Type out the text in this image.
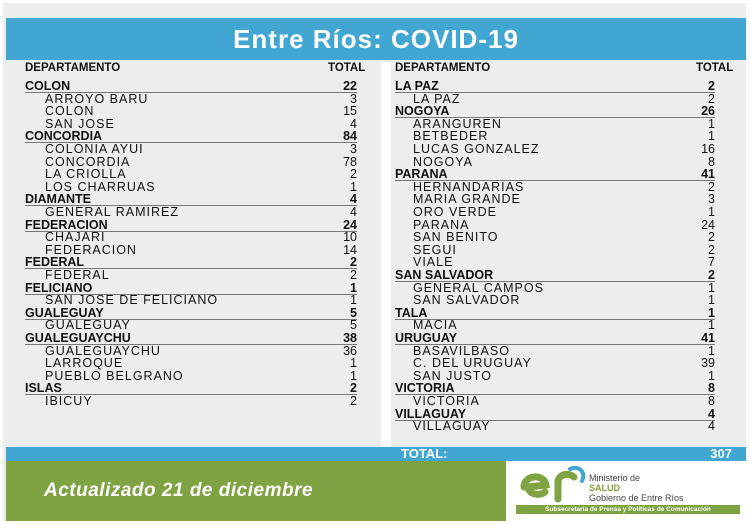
Entre Ríos: COVID-19
DEPARTAMENTO	TOTAL	DEPARTAMENTO	TOTAL
COLON	22
ARROYO BARU	3
COLON	15
SAN JOSE	4
CONCORDIA	84
COLONIA AYUI	3
CONCORDIA	78
LA CRIOLLA	2
LOS CHARRUAS	1
DIAMANTE	4
GENERAL RAMIREZ	4
FEDERACION	24
CHAJARI	10
FEDERACION	14
FEDERAL	2
FEDERAL	2
FELICIANO	1
SAN JOSE DE FELICIANO	1
GUALEGUAY	5
GUALEGUAY	5
GUALEGUAYCHU	38
GUALEGUAYCHU	36
LARROQUE	1
PUEBLO BELGRANO	1
ISLAS	2
IBICUY	2
LA PAZ	2
LA PAZ	2
NOGOYA	26
ARANGUREN	1
BETBEDER	1
LUCAS GONZALEZ	16
NOGOYA	8
PARANA	41
HERNANDARIAS	2
MARIA GRANDE	3
ORO VERDE	1
PARANA	24
SAN BENITO	2
SEGUI	2
VIALE	7
SAN SALVADOR	2
GENERAL CAMPOS	1
SAN SALVADOR	1
TALA	1
MACIA	1
URUGUAY	41
BASAVILBASO	1
C. DEL URUGUAY	39
SAN JUSTO	1
VICTORIA	8
VICTORIA	8
VILLAGUAY	4
VILLAGUAY	4
TOTAL:	307
Actualizado 21 de diciembre
Ministerio de
SALUD
Gobierno de Entre Ríos
Subsecretaría de Prensa y Políticas de Comunicación
